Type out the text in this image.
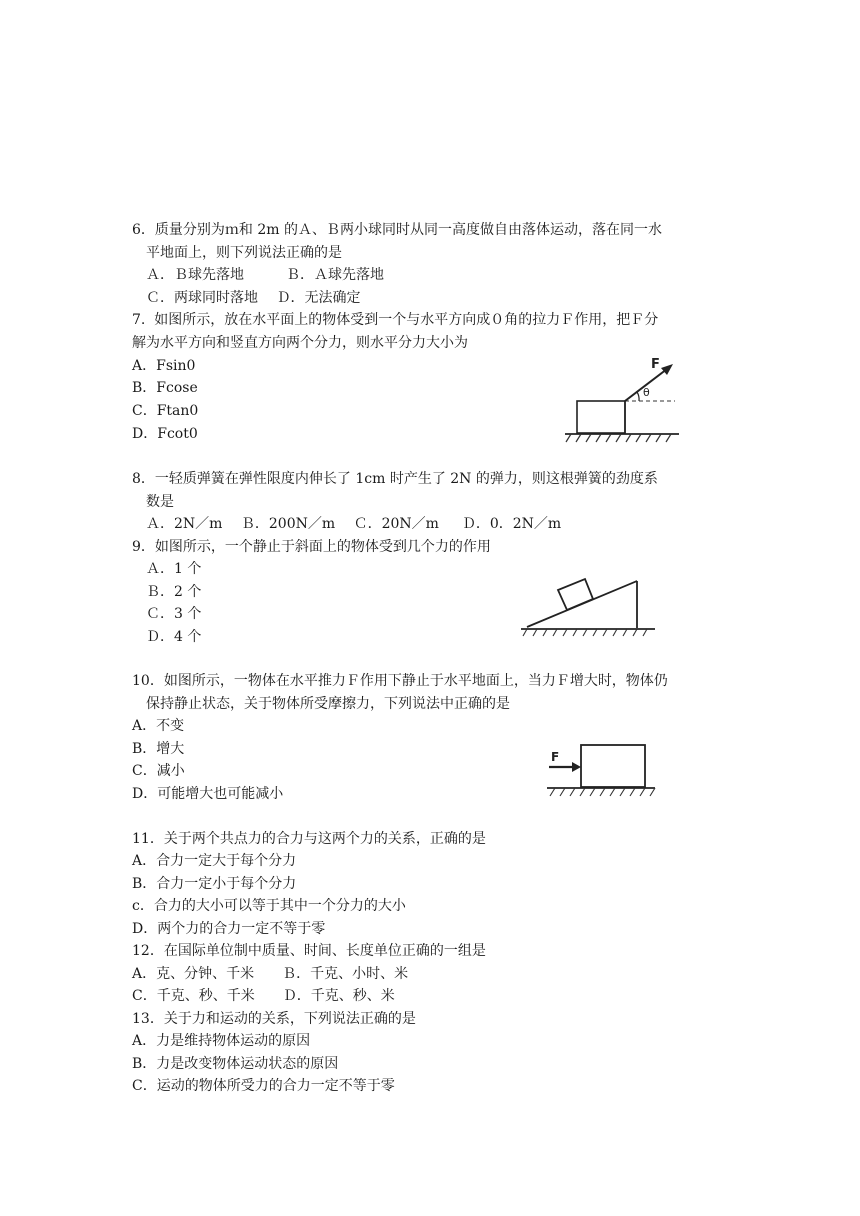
6．质量分别为ｍ和 2m 的Ａ、Ｂ两小球同时从同一高度做自由落体运动，落在同一水
平地面上，则下列说法正确的是
Ａ．Ｂ球先落地　　　Ｂ．Ａ球先落地
Ｃ．两球同时落地　 Ｄ．无法确定
7.  如图所示，放在水平面上的物体受到一个与水平方向成０角的拉力Ｆ作用，把Ｆ分
解为水平方向和竖直方向两个分力，则水平分力大小为
A．Fsin0
B．Fcose
C．Ftan0
D．Fcot0
F
θ
8．一轻质弹簧在弹性限度内伸长了 1cm 时产生了 2N 的弹力，则这根弹簧的劲度系
数是
Ａ．2N／m　 Ｂ．200N／m　 Ｃ．20N／m　  Ｄ．0．2N／m
9．如图所示，一个静止于斜面上的物体受到几个力的作用
Ａ．1 个
Ｂ．2 个
Ｃ．3 个
Ｄ．4 个
10．如图所示，一物体在水平推力Ｆ作用下静止于水平地面上，当力Ｆ增大时，物体仍
保持静止状态，关于物体所受摩擦力，下列说法中正确的是
A．不变
B．增大
C．减小
D．可能增大也可能减小
F
11．关于两个共点力的合力与这两个力的关系，正确的是
A．合力一定大于每个分力
B．合力一定小于每个分力
c．合力的大小可以等于其中一个分力的大小
D．两个力的合力一定不等于零
12．在国际单位制中质量、时间、长度单位正确的一组是
A．克、分钟、千米　　Ｂ．千克、小时、米
C．千克、秒、千米　　Ｄ．千克、秒、米
13．关于力和运动的关系，下列说法正确的是
A．力是维持物体运动的原因
B．力是改变物体运动状态的原因
C．运动的物体所受力的合力一定不等于零
